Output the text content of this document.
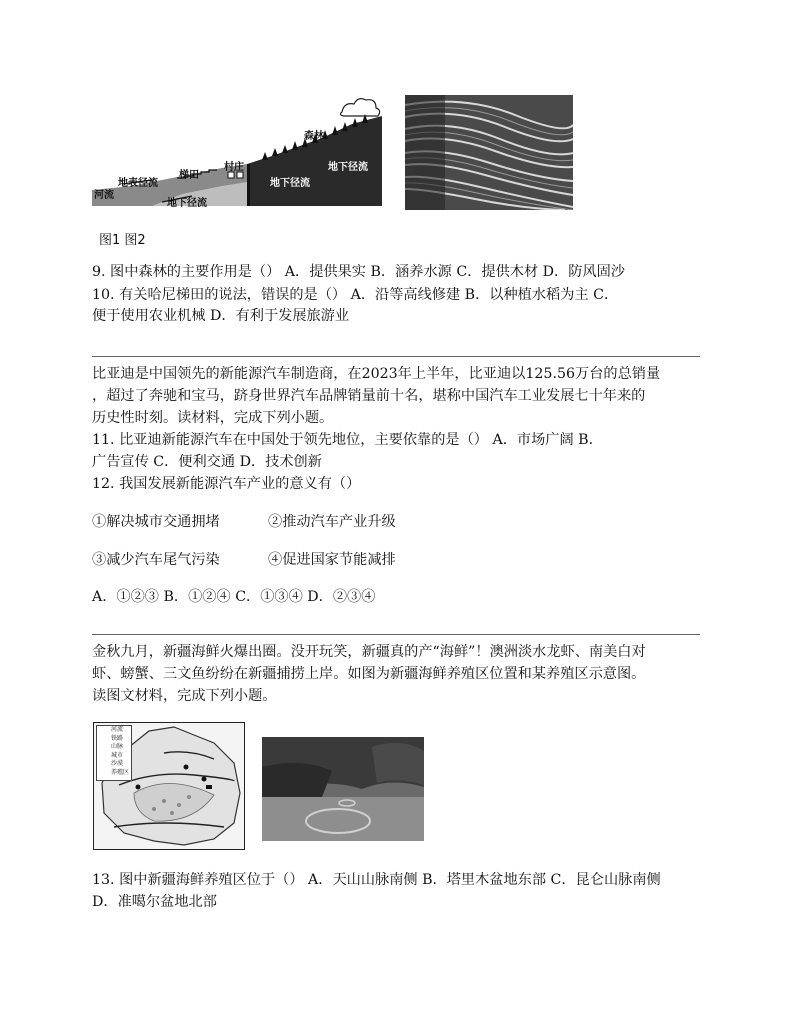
河流
地表径流
梯田
村庄
森林
地下径流
地下径流
地下径流
图1 图2
9. 图中森林的主要作用是（） A．提供果实 B．涵养水源 C．提供木材 D．防风固沙
10. 有关哈尼梯田的说法，错误的是（） A．沿等高线修建 B．以种植水稻为主 C．
便于使用农业机械 D．有利于发展旅游业
比亚迪是中国领先的新能源汽车制造商，在2023年上半年，比亚迪以125.56万台的总销量
，超过了奔驰和宝马，跻身世界汽车品牌销量前十名，堪称中国汽车工业发展七十年来的
历史性时刻。读材料，完成下列小题。
11. 比亚迪新能源汽车在中国处于领先地位，主要依靠的是（） A．市场广阔 B．
广告宣传 C．便利交通 D．技术创新
12. 我国发展新能源汽车产业的意义有（）
①解决城市交通拥堵	②推动汽车产业升级
③减少汽车尾气污染	④促进国家节能减排
A．①②③ B．①②④ C．①③④ D．②③④
金秋九月，新疆海鲜火爆出圈。没开玩笑，新疆真的产“海鲜”！澳洲淡水龙虾、南美白对
虾、螃蟹、三文鱼纷纷在新疆捕捞上岸。如图为新疆海鲜养殖区位置和某养殖区示意图。
读图文材料，完成下列小题。
河流
铁路
山脉
城市
沙漠
养殖区
13. 图中新疆海鲜养殖区位于（） A．天山山脉南侧 B．塔里木盆地东部 C．昆仑山脉南侧
D．准噶尔盆地北部
